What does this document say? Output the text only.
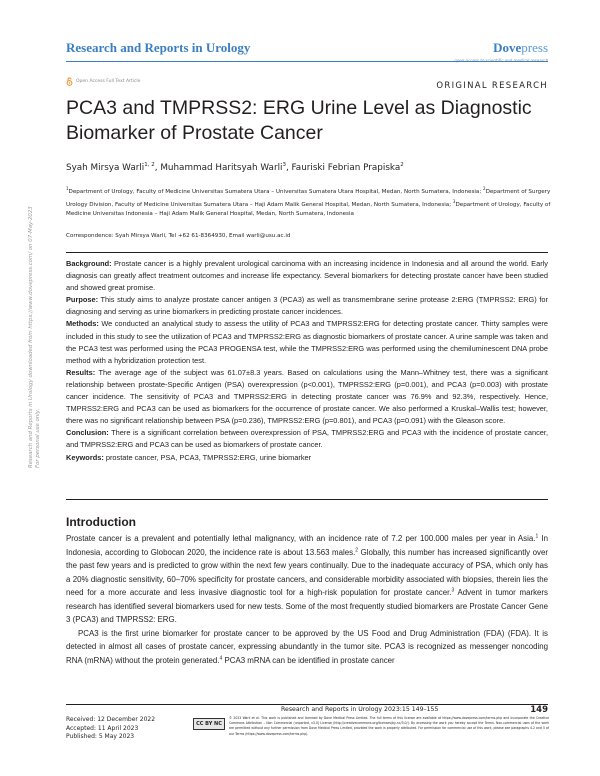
Research and Reports in Urology	Dovepress
Open Access Full Text Article	ORIGINAL RESEARCH
PCA3 and TMPRSS2: ERG Urine Level as Diagnostic Biomarker of Prostate Cancer
Syah Mirsya Warli$^{1, 2}$, Muhammad Haritsyah Warli$^3$, Fauriski Febrian Prapiska$^2$
$^1$Department of Urology, Faculty of Medicine Universitas Sumatera Utara – Universitas Sumatera Utara Hospital, Medan, North Sumatera, Indonesia; $^2$Department of Surgery Urology Division, Faculty of Medicine Universitas Sumatera Utara – Haji Adam Malik General Hospital, Medan, North Sumatera, Indonesia; $^3$Department of Urology, Faculty of Medicine Universitas Indonesia – Haji Adam Malik General Hospital, Medan, North Sumatera, Indonesia
Correspondence: Syah Mirsya Warli, Tel +62 61-8364930, Email warli@usu.ac.id

Background: Prostate cancer is a highly prevalent urological carcinoma with an increasing incidence in Indonesia and all around the world. Early diagnosis can greatly affect treatment outcomes and increase life expectancy. Several biomarkers for detecting prostate cancer have been studied and showed great promise.

Purpose: This study aims to analyze prostate cancer antigen 3 (PCA3) as well as transmembrane serine protease 2:ERG (TMPRSS2: ERG) for diagnosing and serving as urine biomarkers in predicting prostate cancer incidences.

Methods: We conducted an analytical study to assess the utility of PCA3 and TMPRSS2:ERG for detecting prostate cancer. Thirty samples were included in this study to see the utilization of PCA3 and TMPRSS2:ERG as diagnostic biomarkers of prostate cancer. A urine sample was taken and the PCA3 test was performed using the PCA3 PROGENSA test, while the TMPRSS2:ERG was performed using the chemiluminescent DNA probe method with a hybridization protection test.

Results: The average age of the subject was 61.07±8.3 years. Based on calculations using the Mann–Whitney test, there was a significant relationship between prostate-Specific Antigen (PSA) overexpression (p<0.001), TMPRSS2:ERG (p=0.001), and PCA3 (p=0.003) with prostate cancer incidence. The sensitivity of PCA3 and TMPRSS2:ERG in detecting prostate cancer was 76.9% and 92.3%, respectively. Hence, TMPRSS2:ERG and PCA3 can be used as biomarkers for the occurrence of prostate cancer. We also performed a Kruskal–Wallis test; however, there was no significant relationship between PSA (p=0.236), TMPRSS2:ERG (p=0.801), and PCA3 (p=0.091) with the Gleason score.

Conclusion: There is a significant correlation between overexpression of PSA, TMPRSS2:ERG and PCA3 with the incidence of prostate cancer, and TMPRSS2:ERG and PCA3 can be used as biomarkers of prostate cancer.

Keywords: prostate cancer, PSA, PCA3, TMPRSS2:ERG, urine biomarker

Introduction

Prostate cancer is a prevalent and potentially lethal malignancy, with an incidence rate of 7.2 per 100.000 males per year in Asia.$^1$ In Indonesia, according to Globocan 2020, the incidence rate is about 13.563 males.$^2$ Globally, this number has increased significantly over the past few years and is predicted to grow within the next few years continually. Due to the inadequate accuracy of PSA, which only has a 20% diagnostic sensitivity, 60–70% specificity for prostate cancers, and considerable morbidity associated with biopsies, therein lies the need for a more accurate and less invasive diagnostic tool for a high-risk population for prostate cancer.$^3$ Advent in tumor markers research has identified several biomarkers used for new tests. Some of the most frequently studied biomarkers are Prostate Cancer Gene 3 (PCA3) and TMPRSS2: ERG.

PCA3 is the first urine biomarker for prostate cancer to be approved by the US Food and Drug Administration (FDA) (FDA). It is detected in almost all cases of prostate cancer, expressing abundantly in the tumor site. PCA3 is recognized as messenger noncoding RNA (mRNA) without the protein generated.$^4$ PCA3 mRNA can be identified in prostate cancer

Research and Reports in Urology downloaded from https://www.dovepress.com/ on 07-May-2023 For personal use only.
Received: 12 December 2022
Accepted: 11 April 2023
Published: 5 May 2023
Research and Reports in Urology 2023:15 149–155	149
CC BY NC
© 2023 Warli et al. This work is published and licensed by Dove Medical Press Limited. The full terms of this license are available at https://www.dovepress.com/terms.php and incorporate the Creative Commons Attribution – Non Commercial (unported, v3.0) License (http://creativecommons.org/licenses/by-nc/3.0/). By accessing the work you hereby accept the Terms. Non-commercial uses of the work are permitted without any further permission from Dove Medical Press Limited, provided the work is properly attributed. For permission for commercial use of this work, please see paragraphs 4.2 and 5 of our Terms (https://www.dovepress.com/terms.php).
